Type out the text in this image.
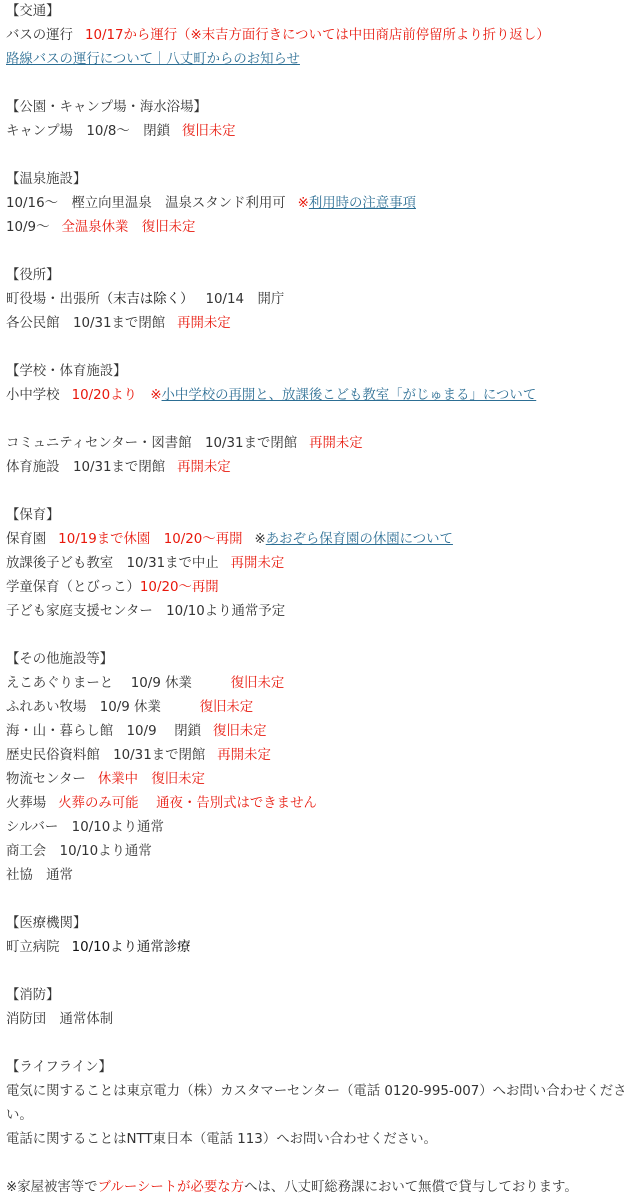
【交通】
バスの運行 10/17から運行（※末吉方面行きについては中田商店前停留所より折り返し）
路線バスの運行について｜八丈町からのお知らせ
【公園・キャンプ場・海水浴場】
キャンプ場　10/8～　閉鎖 復旧未定
【温泉施設】
10/16～　樫立向里温泉　温泉スタンド利用可 ※利用時の注意事項
10/9～ 全温泉休業　復旧未定
【役所】
町役場・出張所（末吉は除く） 10/14　開庁
各公民館　10/31まで閉館 再開未定
【学校・体育施設】
小中学校 10/20より　※小中学校の再開と、放課後こども教室「がじゅまる」について
コミュニティセンター・図書館　10/31まで閉館 再開未定
体育施設　10/31まで閉館 再開未定
【保育】
保育園 10/19まで休園　10/20～再開 ※あおぞら保育園の休園について
放課後子ども教室　10/31まで中止 再開未定
学童保育（とびっこ）10/20～再開
子ども家庭支援センター　10/10より通常予定
【その他施設等】
えこあぐりまーと　 10/9 休業　　復旧未定
ふれあい牧場　10/9 休業　　復旧未定
海・山・暮らし館　10/9　 閉鎖 復旧未定
歴史民俗資料館　10/31まで閉館 再開未定
物流センター 休業中　復旧未定
火葬場 火葬のみ可能　 通夜・告別式はできません
シルバー　10/10より通常
商工会　10/10より通常
社協　通常
【医療機関】
町立病院 10/10より通常診療
【消防】
消防団　通常体制
【ライフライン】
電気に関することは東京電力（株）カスタマーセンター（電話 0120-995-007）へお問い合わせください。
電話に関することはNTT東日本（電話 113）へお問い合わせください。
※家屋被害等でブルーシートが必要な方へは、八丈町総務課において無償で貸与しております。
